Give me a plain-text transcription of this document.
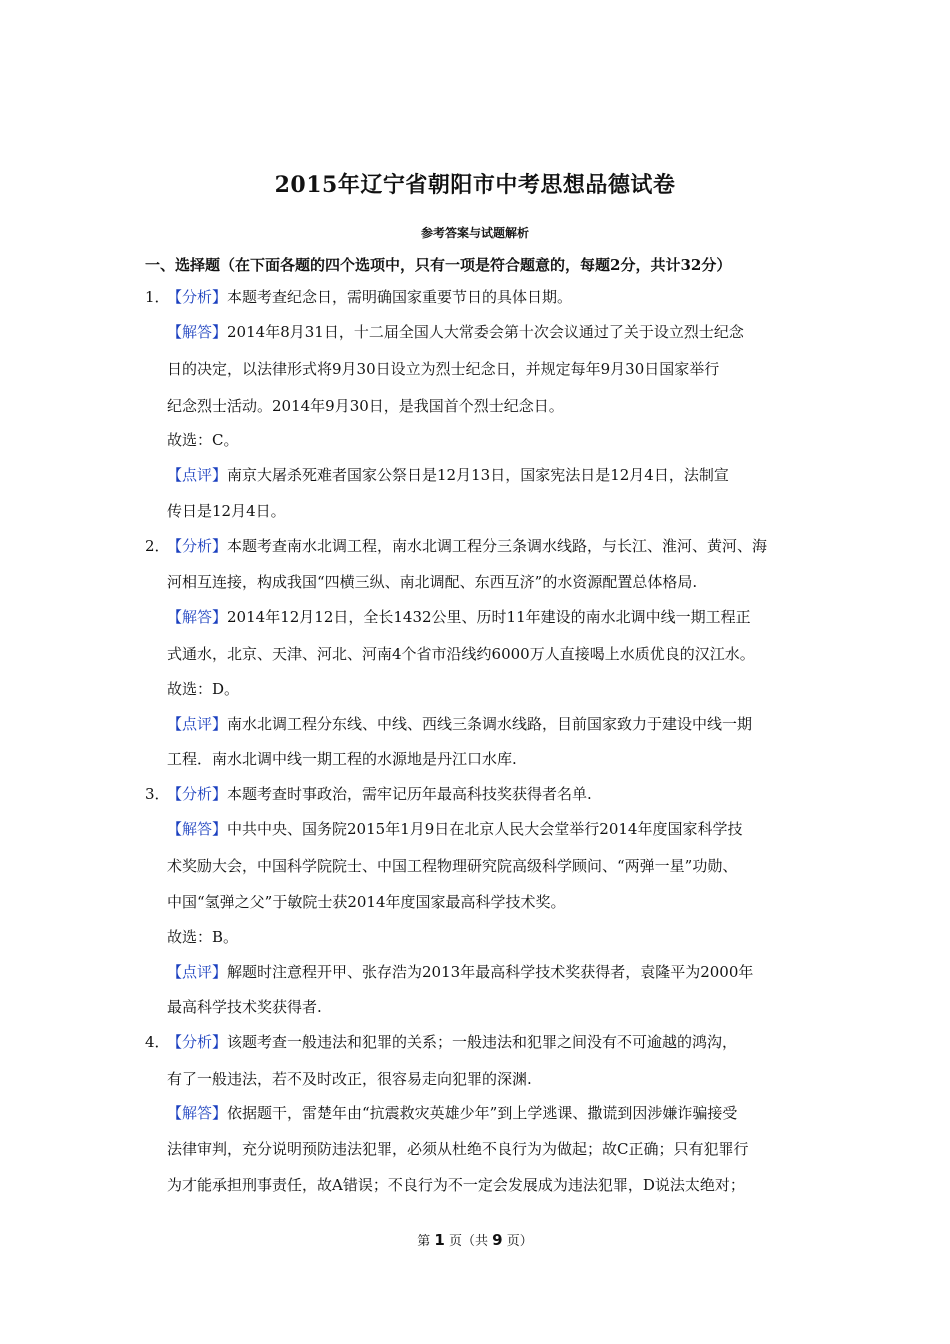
2015年辽宁省朝阳市中考思想品德试卷
参考答案与试题解析
一、选择题（在下面各题的四个选项中，只有一项是符合题意的，每题2分，共计32分）
1．【分析】本题考查纪念日，需明确国家重要节日的具体日期。
【解答】2014年8月31日，十二届全国人大常委会第十次会议通过了关于设立烈士纪念
日的决定，以法律形式将9月30日设立为烈士纪念日，并规定每年9月30日国家举行
纪念烈士活动。2014年9月30日，是我国首个烈士纪念日。
故选：C。
【点评】南京大屠杀死难者国家公祭日是12月13日，国家宪法日是12月4日，法制宣
传日是12月4日。
2．【分析】本题考查南水北调工程，南水北调工程分三条调水线路，与长江、淮河、黄河、海
河相互连接，构成我国“四横三纵、南北调配、东西互济”的水资源配置总体格局.
【解答】2014年12月12日，全长1432公里、历时11年建设的南水北调中线一期工程正
式通水，北京、天津、河北、河南4个省市沿线约6000万人直接喝上水质优良的汉江水。
故选：D。
【点评】南水北调工程分东线、中线、西线三条调水线路，目前国家致力于建设中线一期
工程．南水北调中线一期工程的水源地是丹江口水库.
3．【分析】本题考查时事政治，需牢记历年最高科技奖获得者名单.
【解答】中共中央、国务院2015年1月9日在北京人民大会堂举行2014年度国家科学技
术奖励大会，中国科学院院士、中国工程物理研究院高级科学顾问、“两弹一星”功勋、
中国“氢弹之父”于敏院士获2014年度国家最高科学技术奖。
故选：B。
【点评】解题时注意程开甲、张存浩为2013年最高科学技术奖获得者，袁隆平为2000年
最高科学技术奖获得者.
4．【分析】该题考查一般违法和犯罪的关系；一般违法和犯罪之间没有不可逾越的鸿沟，
有了一般违法，若不及时改正，很容易走向犯罪的深渊.
【解答】依据题干，雷楚年由“抗震救灾英雄少年”到上学逃课、撒谎到因涉嫌诈骗接受
法律审判，充分说明预防违法犯罪，必须从杜绝不良行为为做起；故C正确；只有犯罪行
为才能承担刑事责任，故A错误；不良行为不一定会发展成为违法犯罪，D说法太绝对；
第 1 页（共 9 页）
